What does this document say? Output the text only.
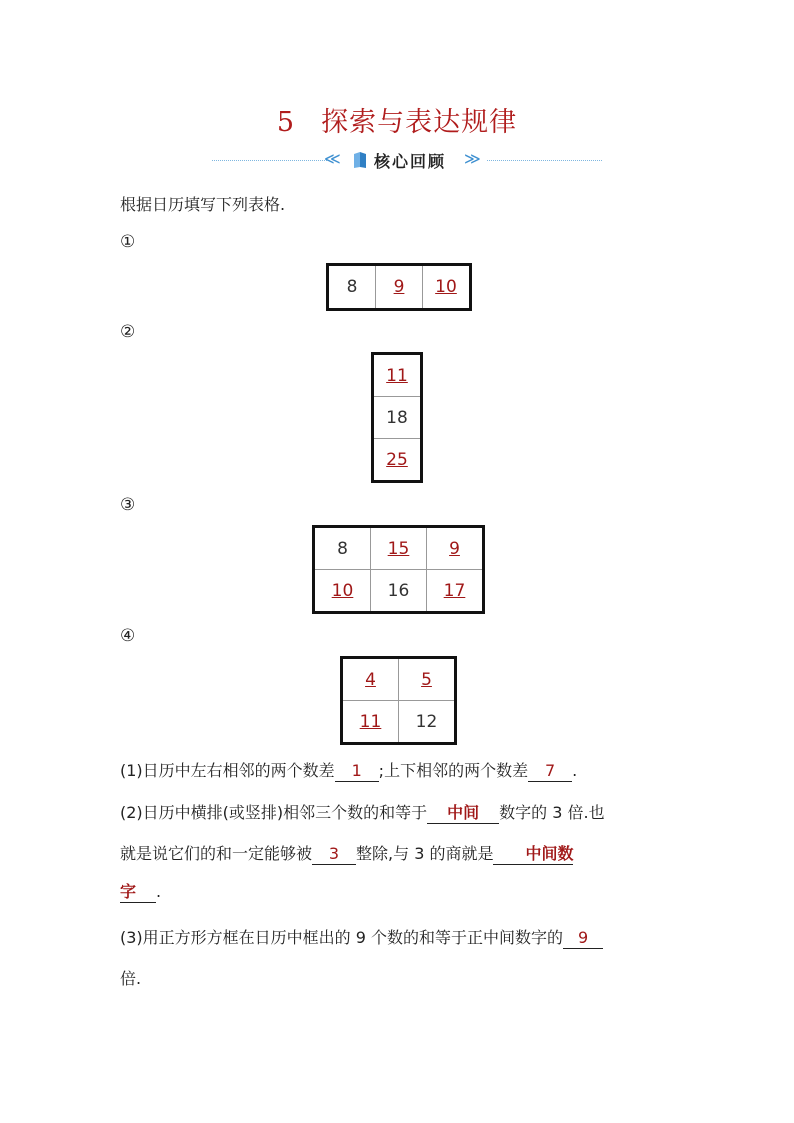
5 探索与表达规律
≪ 核心回顾 ≫
根据日历填写下列表格.
①
8	9	10
②
11
18
25
③
8	15	9
10	16	17
④
4	5
11	12
(1)日历中左右相邻的两个数差 1 ;上下相邻的两个数差 7 .
(2)日历中横排(或竖排)相邻三个数的和等于 中间 数字的 3 倍.也
就是说它们的和一定能够被 3 整除,与 3 的商就是 中间数
字 .
(3)用正方形方框在日历中框出的 9 个数的和等于正中间数字的 9
倍.
